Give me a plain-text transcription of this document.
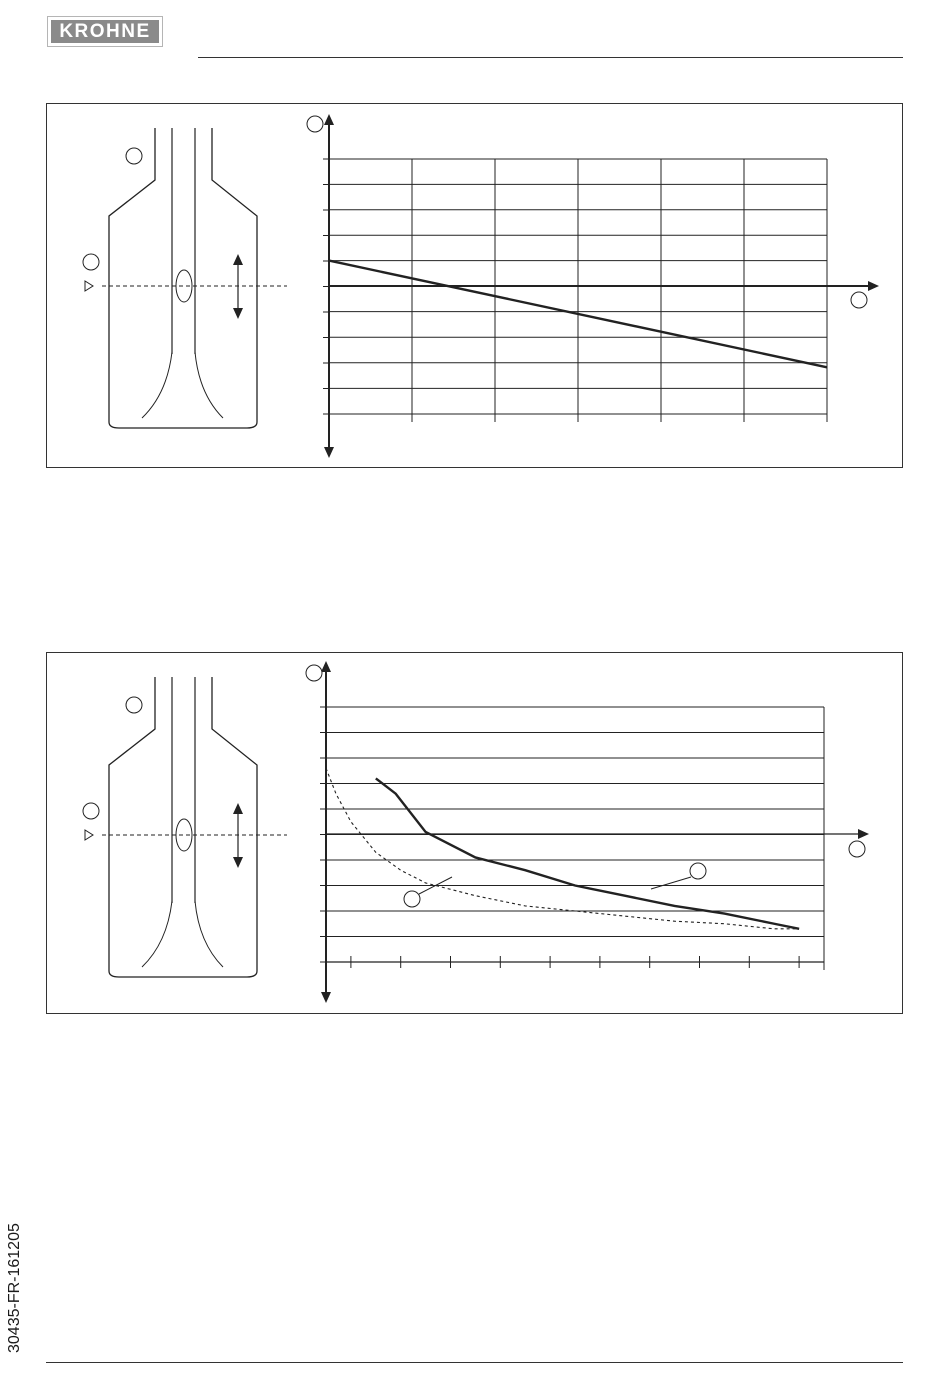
KROHNE
30435-FR-161205
